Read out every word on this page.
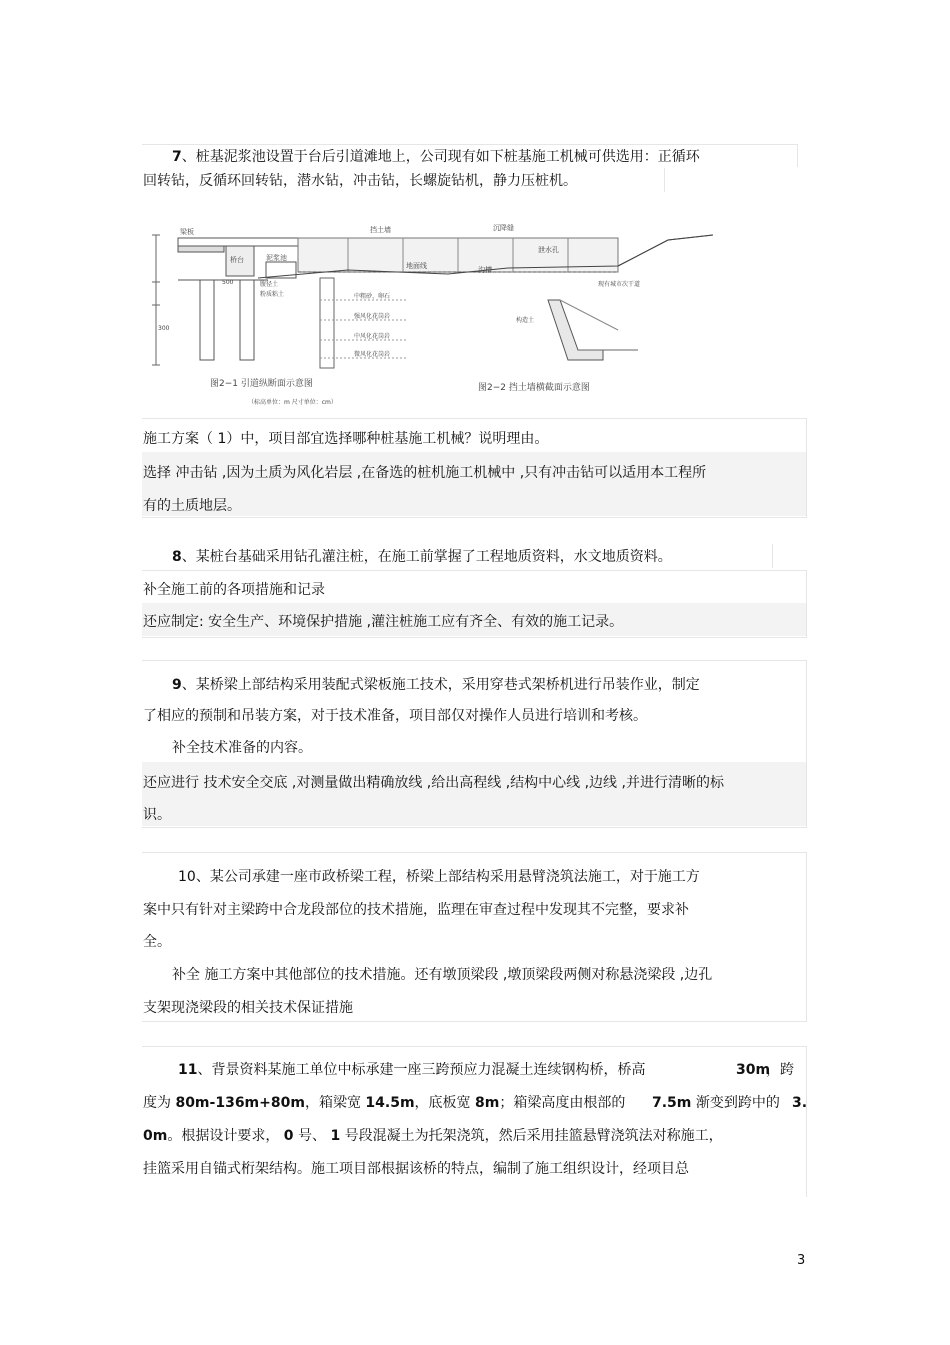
7、桩基泥浆池设置于台后引道滩地上，公司现有如下桩基施工机械可供选用：正循环
回转钻，反循环回转钻，潜水钻，冲击钻，长螺旋钻机，静力压桩机。
梁板
桥台	泥浆池
腹径土
粉质粘土
挡土墙	沉降缝
地面线
泄水孔
沟槽
中粗砂、卵石
强风化花岗岩
中风化花岗岩
微风化花岗岩
现有城市次干道
构造土
500
300
图2−1 引道纵断面示意图	图2−2 挡土墙横截面示意图
（标高单位：m 尺寸单位：cm）
施工方案（ 1）中，项目部宜选择哪种桩基施工机械？说明理由。
选择 冲击钻 ,因为土质为风化岩层 ,在备选的桩机施工机械中 ,只有冲击钻可以适用本工程所
有的土质地层。
8、某桩台基础采用钻孔灌注桩，在施工前掌握了工程地质资料，水文地质资料。
补全施工前的各项措施和记录
还应制定: 安全生产、环境保护措施 ,灌注桩施工应有齐全、有效的施工记录。
9、某桥梁上部结构采用装配式梁板施工技术，采用穿巷式架桥机进行吊装作业，制定
了相应的预制和吊装方案，对于技术准备，项目部仅对操作人员进行培训和考核。
补全技术准备的内容。
还应进行 技术安全交底 ,对测量做出精确放线 ,给出高程线 ,结构中心线 ,边线 ,并进行清晰的标
识。
10、某公司承建一座市政桥梁工程，桥梁上部结构采用悬臂浇筑法施工，对于施工方
案中只有针对主梁跨中合龙段部位的技术措施，监理在审查过程中发现其不完整，要求补
全。
补全 施工方案中其他部位的技术措施。还有墩顶梁段 ,墩顶梁段两侧对称悬浇梁段 ,边孔
支架现浇梁段的相关技术保证措施
11、背景资料某施工单位中标承建一座三跨预应力混凝土连续钢构桥，桥高	30m
，跨
度为 80m-136m+80m，箱梁宽 14.5m，底板宽 8m；箱梁高度由根部的 7.5m 渐变到跨中的 3.
0m。根据设计要求， 0 号、 1 号段混凝土为托架浇筑，然后采用挂篮悬臂浇筑法对称施工，
挂篮采用自锚式桁架结构。施工项目部根据该桥的特点，编制了施工组织设计，经项目总
3
